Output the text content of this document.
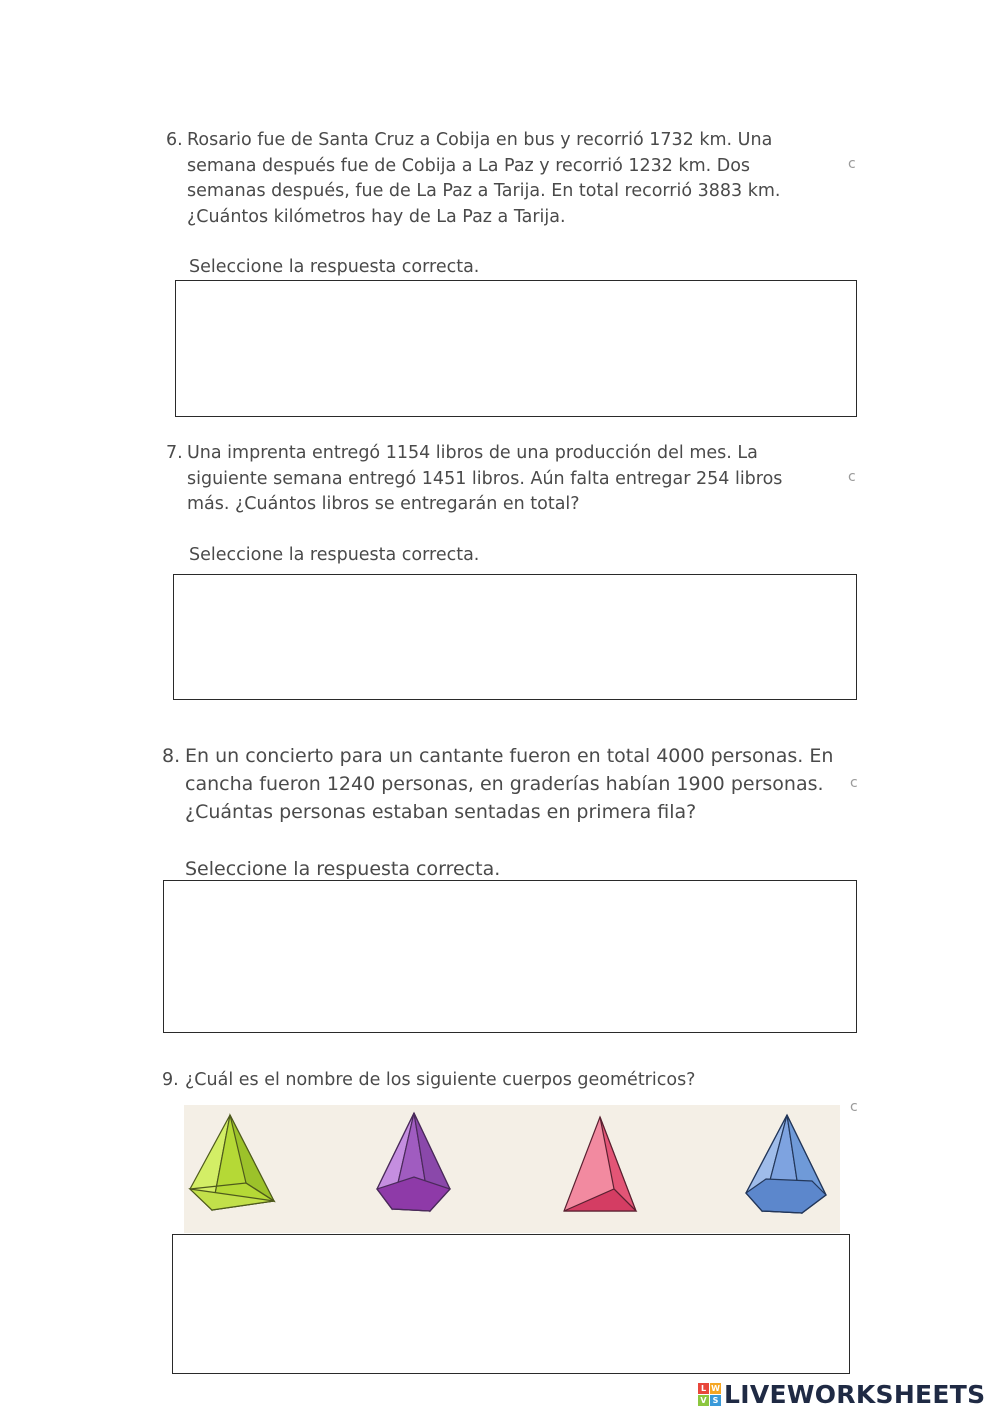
6. Rosario fue de Santa Cruz a Cobija en bus y recorrió 1732 km. Una
semana después fue de Cobija a La Paz y recorrió 1232 km. Dos
semanas después, fue de La Paz a Tarija. En total recorrió 3883 km.
¿Cuántos kilómetros hay de La Paz a Tarija.
c
Seleccione la respuesta correcta.
7. Una imprenta entregó 1154 libros de una producción del mes. La
siguiente semana entregó 1451 libros. Aún falta entregar 254 libros
más. ¿Cuántos libros se entregarán en total?
c
Seleccione la respuesta correcta.
8. En un concierto para un cantante fueron en total 4000 personas. En
cancha fueron 1240 personas, en graderías habían 1900 personas.
¿Cuántas personas estaban sentadas en primera fila?
c
Seleccione la respuesta correcta.
9. ¿Cuál es el nombre de los siguiente cuerpos geométricos?
c
L W
V S LIVEWORKSHEETS
